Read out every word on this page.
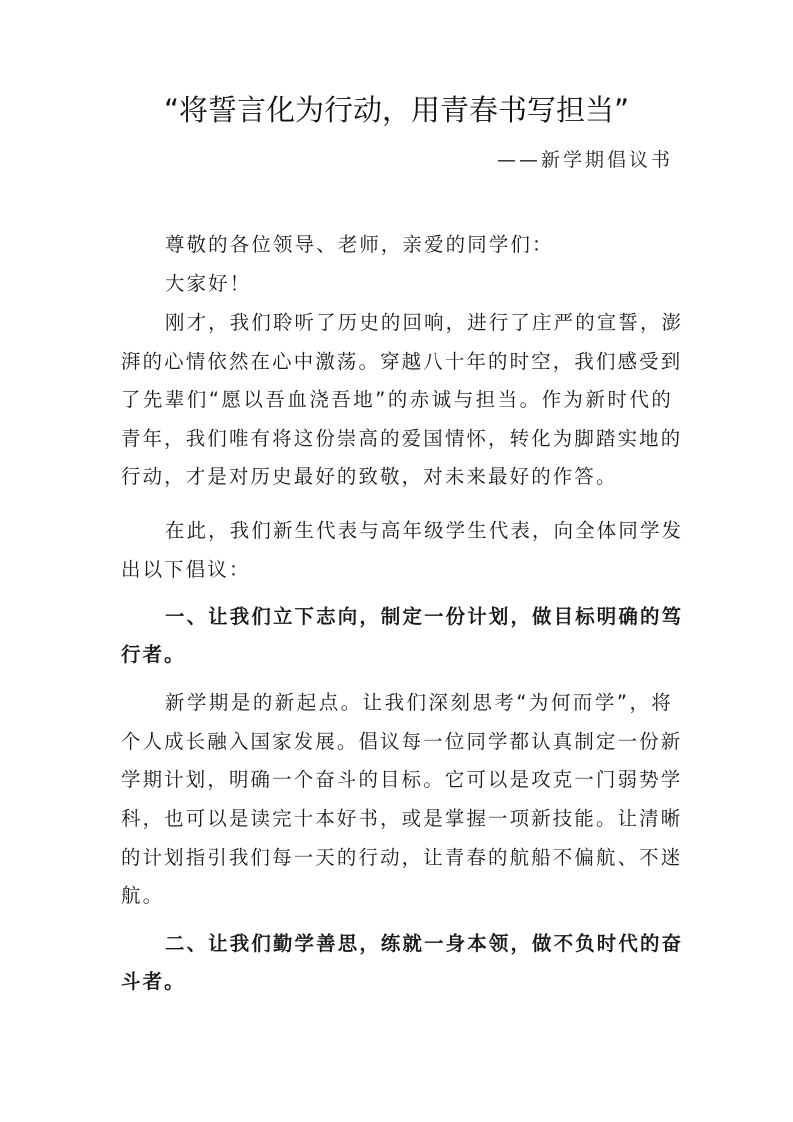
“将誓言化为行动，用青春书写担当”
——新学期倡议书
尊敬的各位领导、老师，亲爱的同学们：
大家好！
刚才，我们聆听了历史的回响，进行了庄严的宣誓，澎
湃的心情依然在心中激荡。穿越八十年的时空，我们感受到
了先辈们“愿以吾血浇吾地”的赤诚与担当。作为新时代的
青年，我们唯有将这份崇高的爱国情怀，转化为脚踏实地的
行动，才是对历史最好的致敬，对未来最好的作答。
在此，我们新生代表与高年级学生代表，向全体同学发
出以下倡议：
一、让我们立下志向，制定一份计划，做目标明确的笃
行者。
新学期是的新起点。让我们深刻思考“为何而学”，将
个人成长融入国家发展。倡议每一位同学都认真制定一份新
学期计划，明确一个奋斗的目标。它可以是攻克一门弱势学
科，也可以是读完十本好书，或是掌握一项新技能。让清晰
的计划指引我们每一天的行动，让青春的航船不偏航、不迷
航。
二、让我们勤学善思，练就一身本领，做不负时代的奋
斗者。
